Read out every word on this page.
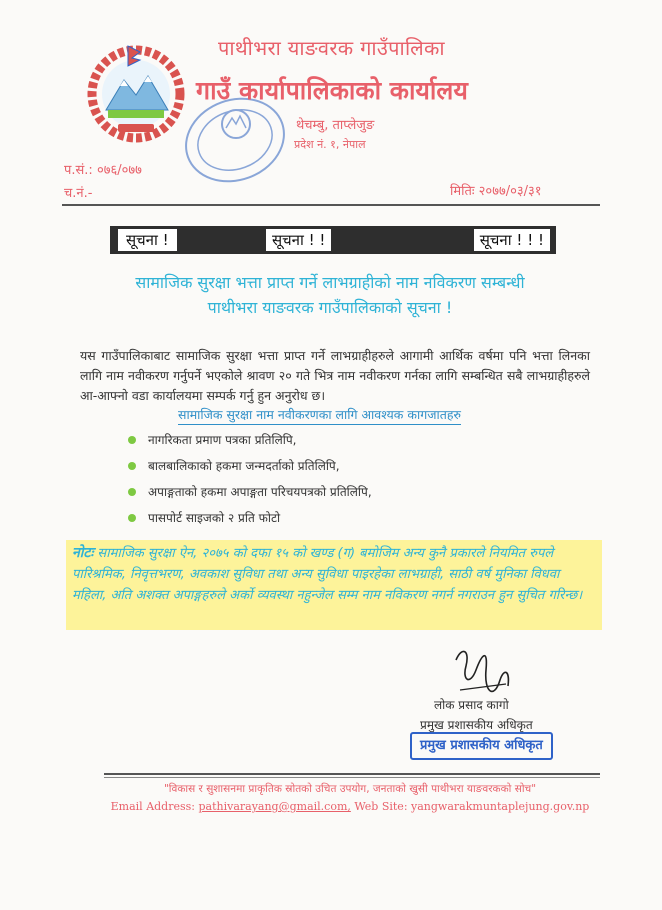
पाथीभरा याङवरक गाउँपालिका
गाउँ कार्यापालिकाको कार्यालय
थेचम्बु, ताप्लेजुङ
प्रदेश नं. १, नेपाल
प.सं.: ०७६/०७७
च.नं.-	मितिः २०७७/०३/३१
सूचना !	सूचना ! !	सूचना ! ! !
सामाजिक सुरक्षा भत्ता प्राप्त गर्ने लाभग्राहीको नाम नविकरण सम्बन्धी
पाथीभरा याङवरक गाउँपालिकाको सूचना !
यस गाउँपालिकाबाट सामाजिक सुरक्षा भत्ता प्राप्त गर्ने लाभग्राहीहरुले आगामी आर्थिक वर्षमा पनि भत्ता लिनका लागि नाम नवीकरण गर्नुपर्ने भएकोले श्रावण २० गते भित्र नाम नवीकरण गर्नका लागि सम्बन्धित सबै लाभग्राहीहरुले आ-आफ्नो वडा कार्यालयमा सम्पर्क गर्नु हुन अनुरोध छ।
सामाजिक सुरक्षा नाम नवीकरणका लागि आवश्यक कागजातहरु
नागरिकता प्रमाण पत्रका प्रतिलिपि,
बालबालिकाको हकमा जन्मदर्ताको प्रतिलिपि,
अपाङ्गताको हकमा अपाङ्गता परिचयपत्रको प्रतिलिपि,
पासपोर्ट साइजको २ प्रति फोटो
नोटः सामाजिक सुरक्षा ऐन, २०७५ को दफा १५ को खण्ड (ग) बमोजिम अन्य कुनै प्रकारले नियमित रुपले पारिश्रमिक, निवृत्तभरण, अवकाश सुविधा तथा अन्य सुविधा पाइरहेका लाभग्राही, साठी वर्ष मुनिका विधवा महिला, अति अशक्त अपाङ्गहरुले अर्को व्यवस्था नहुन्जेल सम्म नाम नविकरण नगर्न नगराउन हुन सुचित गरिन्छ।
लोक प्रसाद कागो
प्रमुख प्रशासकीय अधिकृत
प्रमुख प्रशासकीय अधिकृत
"विकास र सुशासनमा प्राकृतिक स्रोतको उचित उपयोग, जनताको खुसी पाथीभरा याङवरकको सोच"
Email Address: pathivarayang@gmail.com, Web Site: yangwarakmuntaplejung.gov.np
